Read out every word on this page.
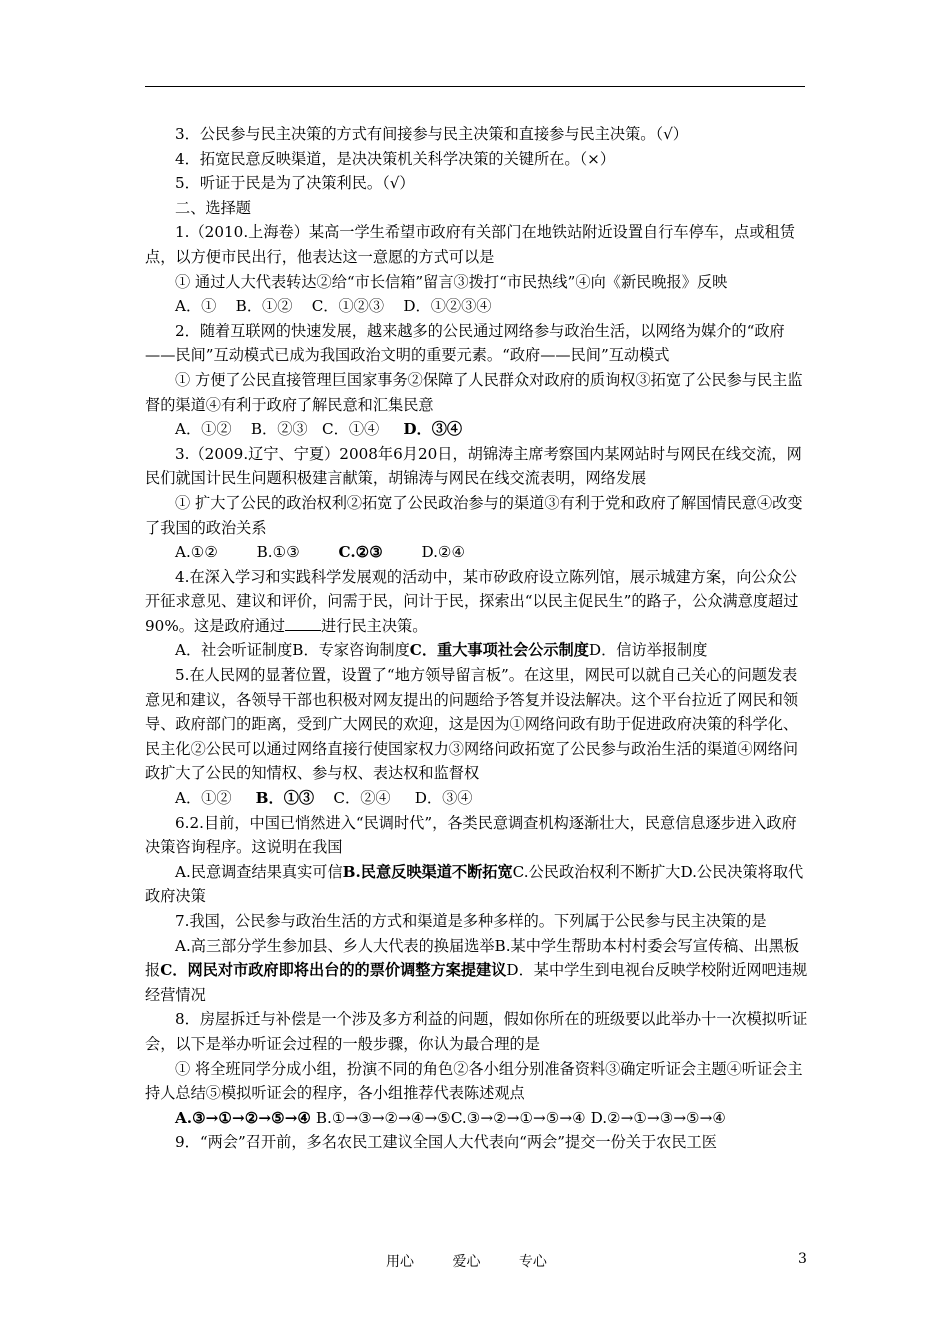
3．公民参与民主决策的方式有间接参与民主决策和直接参与民主决策。（√）

4．拓宽民意反映渠道，是决决策机关科学决策的关键所在。（×）

5．听证于民是为了决策利民。（√）

二、选择题

1.（2010.上海卷）某高一学生希望市政府有关部门在地铁站附近设置自行车停车，点或租赁点，以方便市民出行，他表达这一意愿的方式可以是

① 通过人大代表转达②给“市长信箱”留言③拨打“市民热线”④向《新民晚报》反映

A．①    B．①②    C．①②③    D．①②③④

2．随着互联网的快速发展，越来越多的公民通过网络参与政治生活，以网络为媒介的“政府——民间”互动模式已成为我国政治文明的重要元素。“政府——民间”互动模式

① 方便了公民直接管理巨国家事务②保障了人民群众对政府的质询权③拓宽了公民参与民主监督的渠道④有利于政府了解民意和汇集民意

A．①②    B．②③   C．①④     D．③④

3.（2009.辽宁、宁夏）2008年6月20日，胡锦涛主席考察国内某网站时与网民在线交流，网民们就国计民生问题积极建言献策，胡锦涛与网民在线交流表明，网络发展

① 扩大了公民的政治权利②拓宽了公民政治参与的渠道③有利于党和政府了解国情民意④改变了我国的政治关系

A.①②        B.①③        C.②③        D.②④

4.在深入学习和实践科学发展观的活动中，某市矽政府设立陈列馆，展示城建方案，向公众公开征求意见、建议和评价，问需于民，问计于民，探索出“以民主促民生”的路子，公众满意度超过90%。这是政府通过 进行民主决策。

A．社会听证制度B．专家咨询制度C．重大事项社会公示制度D．信访举报制度

5.在人民网的显著位置，设置了“地方领导留言板”。在这里，网民可以就自己关心的问题发表意见和建议，各领导干部也积极对网友提出的问题给予答复并设法解决。这个平台拉近了网民和领导、政府部门的距离，受到广大网民的欢迎，这是因为①网络问政有助于促进政府决策的科学化、民主化②公民可以通过网络直接行使国家权力③网络问政拓宽了公民参与政治生活的渠道④网络问政扩大了公民的知情权、参与权、表达权和监督权

A．①②     B．①③    C．②④     D．③④

6.2.目前，中国已悄然进入“民调时代”，各类民意调查机构逐渐壮大，民意信息逐步进入政府决策咨询程序。这说明在我国

A.民意调查结果真实可信B.民意反映渠道不断拓宽C.公民政治权利不断扩大D.公民决策将取代政府决策

7.我国，公民参与政治生活的方式和渠道是多种多样的。下列属于公民参与民主决策的是

A.高三部分学生参加县、乡人大代表的换届选举B.某中学生帮助本村村委会写宣传稿、出黑板报C．网民对市政府即将出台的的票价调整方案提建议D．某中学生到电视台反映学校附近网吧违规经营情况

8．房屋拆迁与补偿是一个涉及多方利益的问题，假如你所在的班级要以此举办十一次模拟听证会，以下是举办听证会过程的一般步骤，你认为最合理的是

① 将全班同学分成小组，扮演不同的角色②各小组分别准备资料③确定听证会主题④听证会主持人总结⑤模拟听证会的程序，各小组推荐代表陈述观点

A.③→①→②→⑤→④ B.①→③→②→④→⑤C.③→②→①→⑤→④ D.②→①→③→⑤→④

9．“两会”召开前，多名农民工建议全国人大代表向“两会”提交一份关于农民工医

用心	爱心	专心	3
